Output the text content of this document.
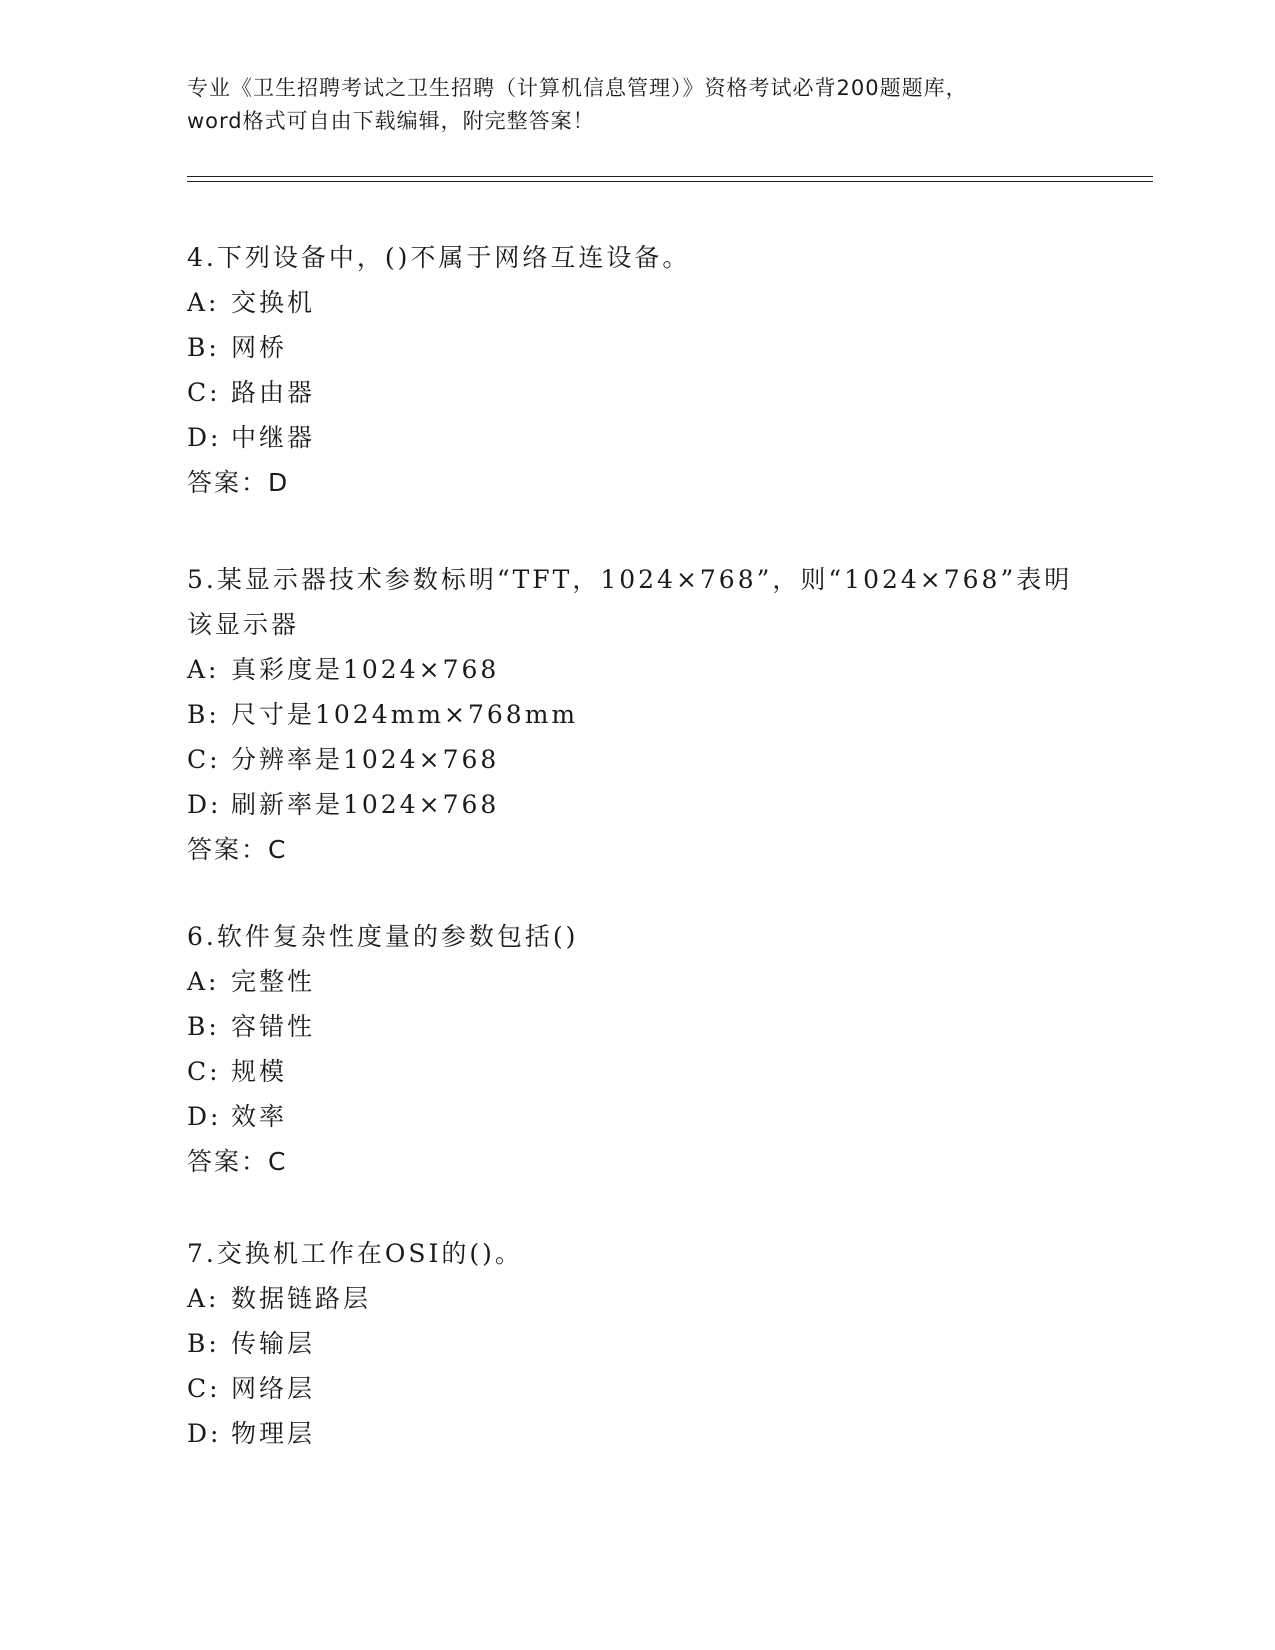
专业《卫生招聘考试之卫生招聘（计算机信息管理）》资格考试必背200题题库，
word格式可自由下载编辑，附完整答案！
4.下列设备中，()不属于网络互连设备。
A: 交换机
B: 网桥
C: 路由器
D: 中继器
答案：D
5.某显示器技术参数标明“TFT，1024×768”，则“1024×768”表明该显示器
A: 真彩度是1024×768
B: 尺寸是1024mm×768mm
C: 分辨率是1024×768
D: 刷新率是1024×768
答案：C
6.软件复杂性度量的参数包括()
A: 完整性
B: 容错性
C: 规模
D: 效率
答案：C
7.交换机工作在OSI的()。
A: 数据链路层
B: 传输层
C: 网络层
D: 物理层
